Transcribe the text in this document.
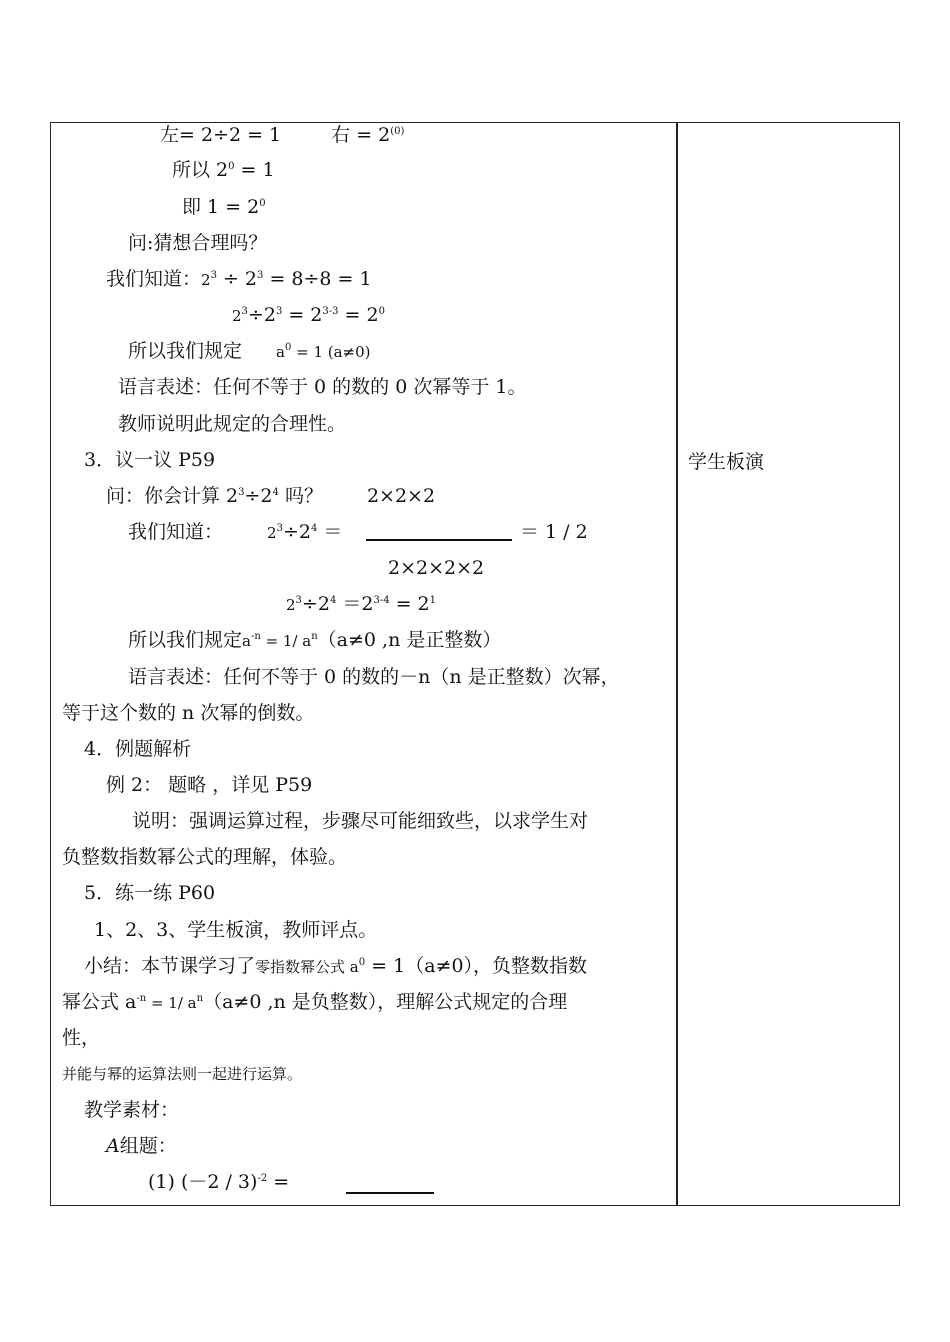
左= 2÷2 = 1	右 = $2^{(0)}$
所以 $2^0 = 1$
即 $1 = 2^0$
问:猜想合理吗？
我们知道：$2^3 \div 2^3 = 8\div 8 = 1$
$2^3\div 2^3 = 2^{3-3} = 2^0$
所以我们规定 $a^0 = 1$ (a≠0)
语言表述：任何不等于 0 的数的 0 次幂等于 1。
教师说明此规定的合理性。
3．议一议 P59
问：你会计算 $2^3\div 2^4$ 吗？ 2×2×2
我们知道：	$2^3\div 2^4$ ＝	＝ 1 / 2
2×2×2×2
$2^3\div 2^4 =2^{3-4} = 2^1$
所以我们规定$a^{-n} = 1/$ $a^n(a\ne 0$ ,n 是正整数）
语言表述：任何不等于 0 的数的－n（n 是正整数）次幂，
等于这个数的 n 次幂的倒数。
4．例题解析
例 2： 题略 ，详见 P59
说明：强调运算过程，步骤尽可能细致些，以求学生对
负整数指数幂公式的理解，体验。
5．练一练 P60
1、2、3、学生板演，教师评点。
小结：本节课学习了零指数幂公式 $a^0 = 1(a\ne 0)$，负整数指数
幂公式 $a^{-n} = 1/$ $a^n(a\ne 0$ ,n 是负整数），理解公式规定的合理
性，
并能与幂的运算法则一起进行运算。
教学素材：
A组题：
(1) $(-2 / 3)^{-2}$ =
学生板演
